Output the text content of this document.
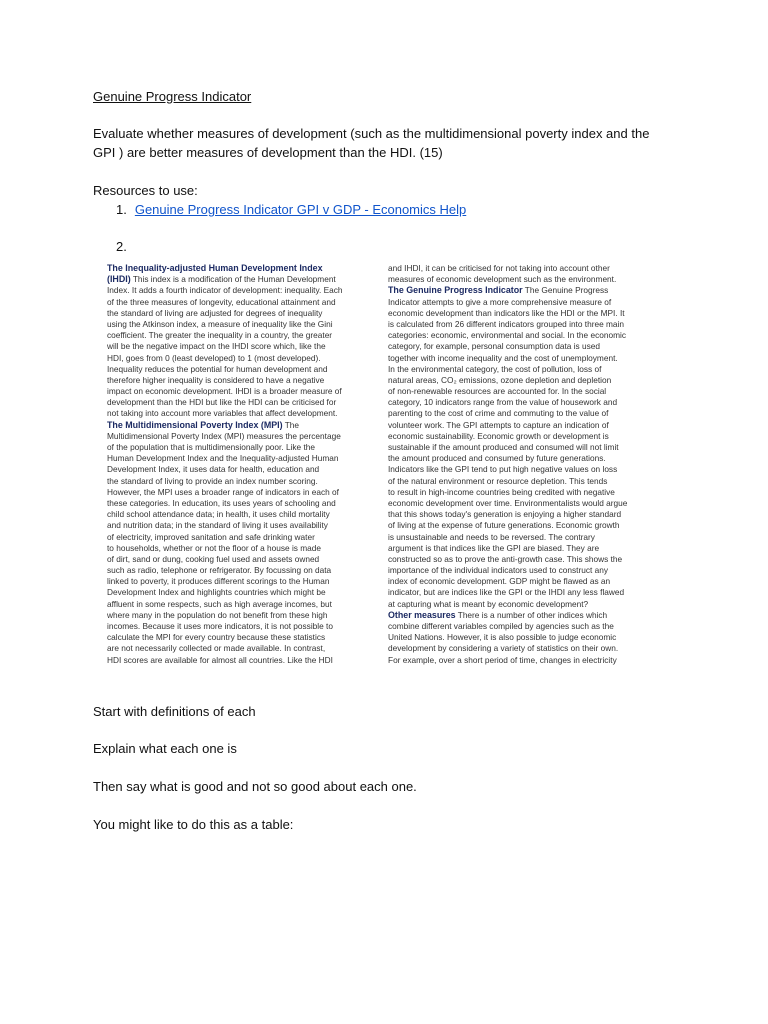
Genuine Progress Indicator
Evaluate whether measures of development (such as the multidimensional poverty index and the
GPI ) are better measures of development than the HDI. (15)
Resources to use:
1. Genuine Progress Indicator GPI v GDP - Economics Help
2.
The Inequality-adjusted Human Development Index
(IHDI) This index is a modification of the Human Development
Index. It adds a fourth indicator of development: inequality. Each
of the three measures of longevity, educational attainment and
the standard of living are adjusted for degrees of inequality
using the Atkinson index, a measure of inequality like the Gini
coefficient. The greater the inequality in a country, the greater
will be the negative impact on the IHDI score which, like the
HDI, goes from 0 (least developed) to 1 (most developed).
Inequality reduces the potential for human development and
therefore higher inequality is considered to have a negative
impact on economic development. IHDI is a broader measure of
development than the HDI but like the HDI can be criticised for
not taking into account more variables that affect development.
The Multidimensional Poverty Index (MPI) The
Multidimensional Poverty Index (MPI) measures the percentage
of the population that is multidimensionally poor. Like the
Human Development Index and the Inequality-adjusted Human
Development Index, it uses data for health, education and
the standard of living to provide an index number scoring.
However, the MPI uses a broader range of indicators in each of
these categories. In education, its uses years of schooling and
child school attendance data; in health, it uses child mortality
and nutrition data; in the standard of living it uses availability
of electricity, improved sanitation and safe drinking water
to households, whether or not the floor of a house is made
of dirt, sand or dung, cooking fuel used and assets owned
such as radio, telephone or refrigerator. By focussing on data
linked to poverty, it produces different scorings to the Human
Development Index and highlights countries which might be
affluent in some respects, such as high average incomes, but
where many in the population do not benefit from these high
incomes. Because it uses more indicators, it is not possible to
calculate the MPI for every country because these statistics
are not necessarily collected or made available. In contrast,
HDI scores are available for almost all countries. Like the HDI
and IHDI, it can be criticised for not taking into account other
measures of economic development such as the environment.
The Genuine Progress Indicator The Genuine Progress
Indicator attempts to give a more comprehensive measure of
economic development than indicators like the HDI or the MPI. It
is calculated from 26 different indicators grouped into three main
categories: economic, environmental and social. In the economic
category, for example, personal consumption data is used
together with income inequality and the cost of unemployment.
In the environmental category, the cost of pollution, loss of
natural areas, CO₂ emissions, ozone depletion and depletion
of non-renewable resources are accounted for. In the social
category, 10 indicators range from the value of housework and
parenting to the cost of crime and commuting to the value of
volunteer work. The GPI attempts to capture an indication of
economic sustainability. Economic growth or development is
sustainable if the amount produced and consumed will not limit
the amount produced and consumed by future generations.
Indicators like the GPI tend to put high negative values on loss
of the natural environment or resource depletion. This tends
to result in high-income countries being credited with negative
economic development over time. Environmentalists would argue
that this shows today's generation is enjoying a higher standard
of living at the expense of future generations. Economic growth
is unsustainable and needs to be reversed. The contrary
argument is that indices like the GPI are biased. They are
constructed so as to prove the anti-growth case. This shows the
importance of the individual indicators used to construct any
index of economic development. GDP might be flawed as an
indicator, but are indices like the GPI or the IHDI any less flawed
at capturing what is meant by economic development?
Other measures There is a number of other indices which
combine different variables compiled by agencies such as the
United Nations. However, it is also possible to judge economic
development by considering a variety of statistics on their own.
For example, over a short period of time, changes in electricity
Start with definitions of each
Explain what each one is
Then say what is good and not so good about each one.
You might like to do this as a table:
